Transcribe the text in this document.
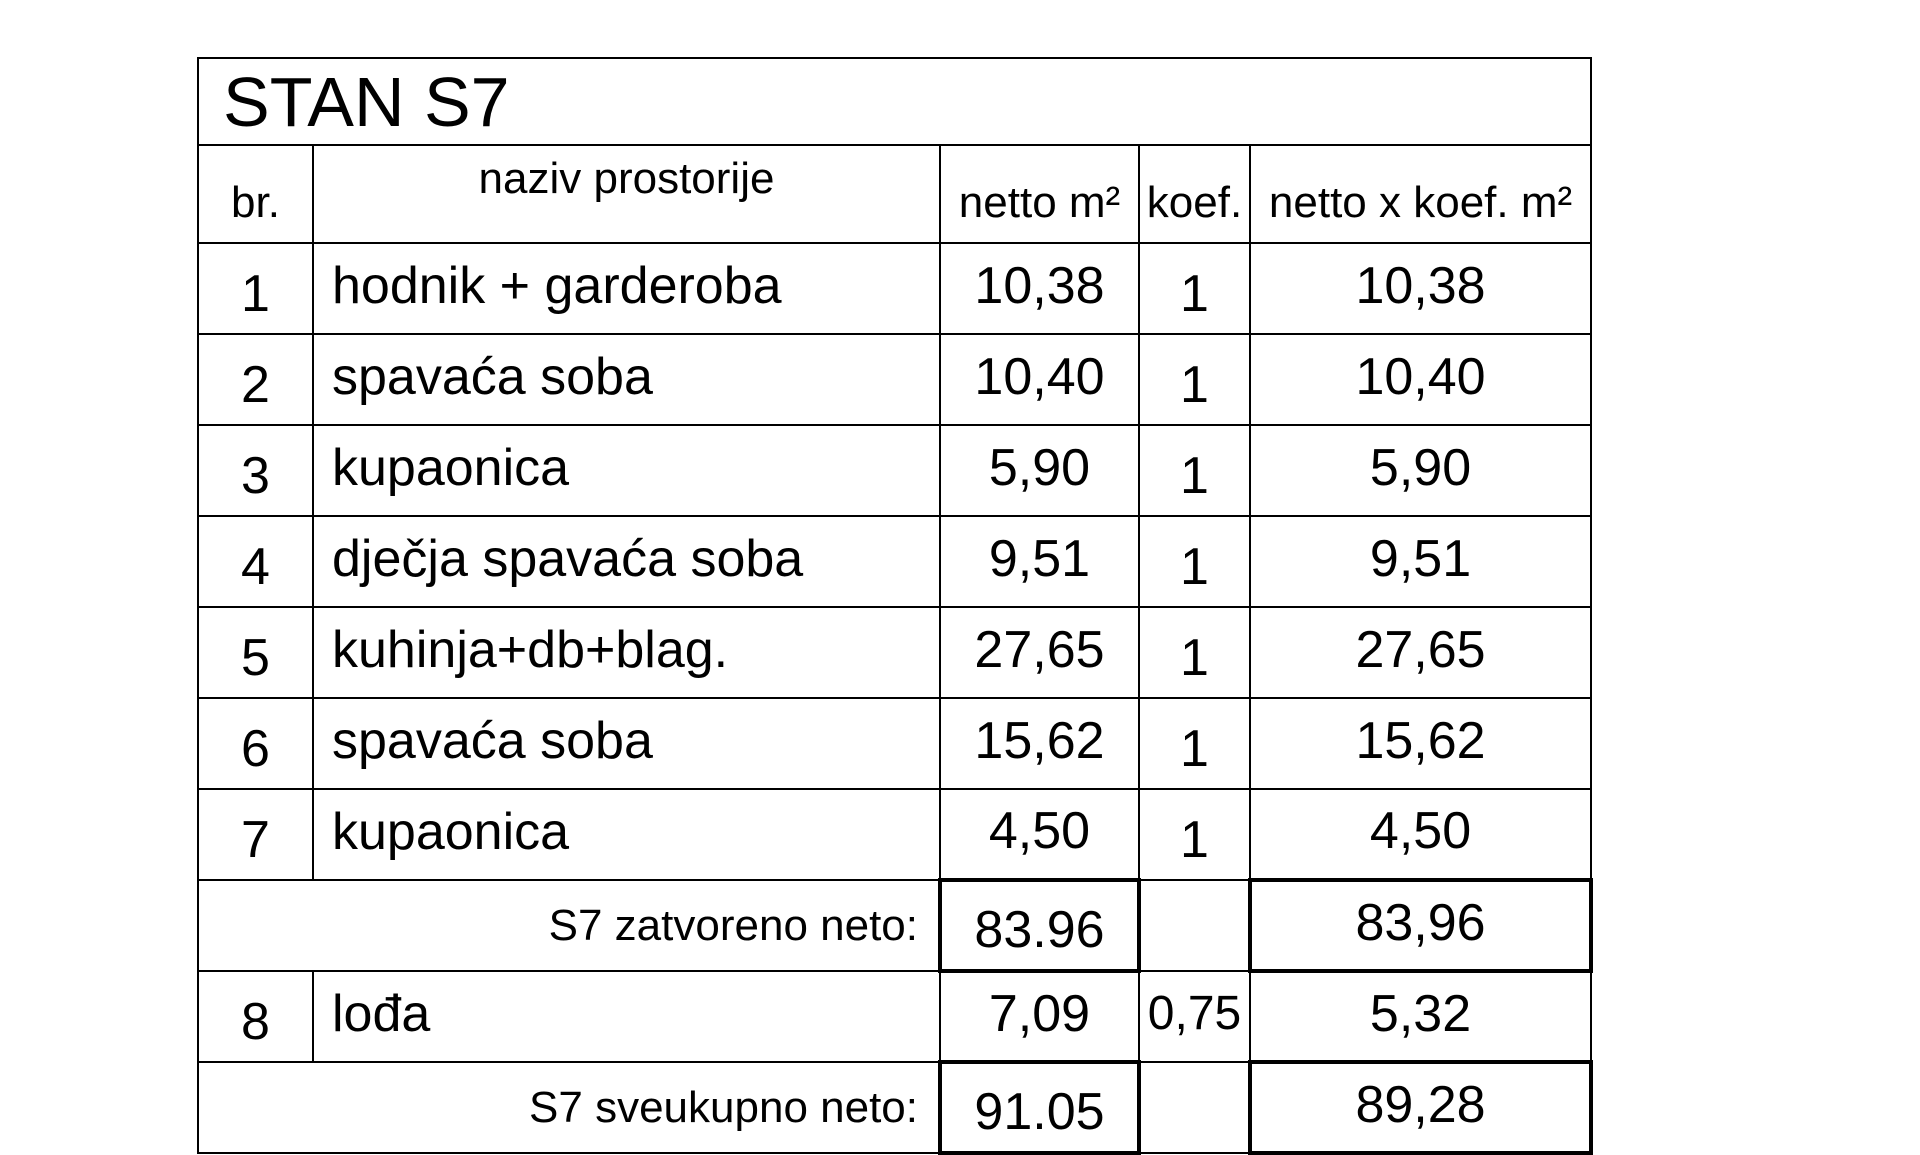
STAN S7				
br.	naziv prostorije	netto m²	koef.	netto x koef. m²
1	hodnik + garderoba	10,38	1	10,38
2	spavaća soba	10,40	1	10,40
3	kupaonica	5,90	1	5,90
4	dječja spavaća soba	9,51	1	9,51
5	kuhinja+db+blag.	27,65	1	27,65
6	spavaća soba	15,62	1	15,62
7	kupaonica	4,50	1	4,50
S7 zatvoreno neto:		83.96		83,96
8	lođa	7,09	0,75	5,32
S7 sveukupno neto:		91.05		89,28
